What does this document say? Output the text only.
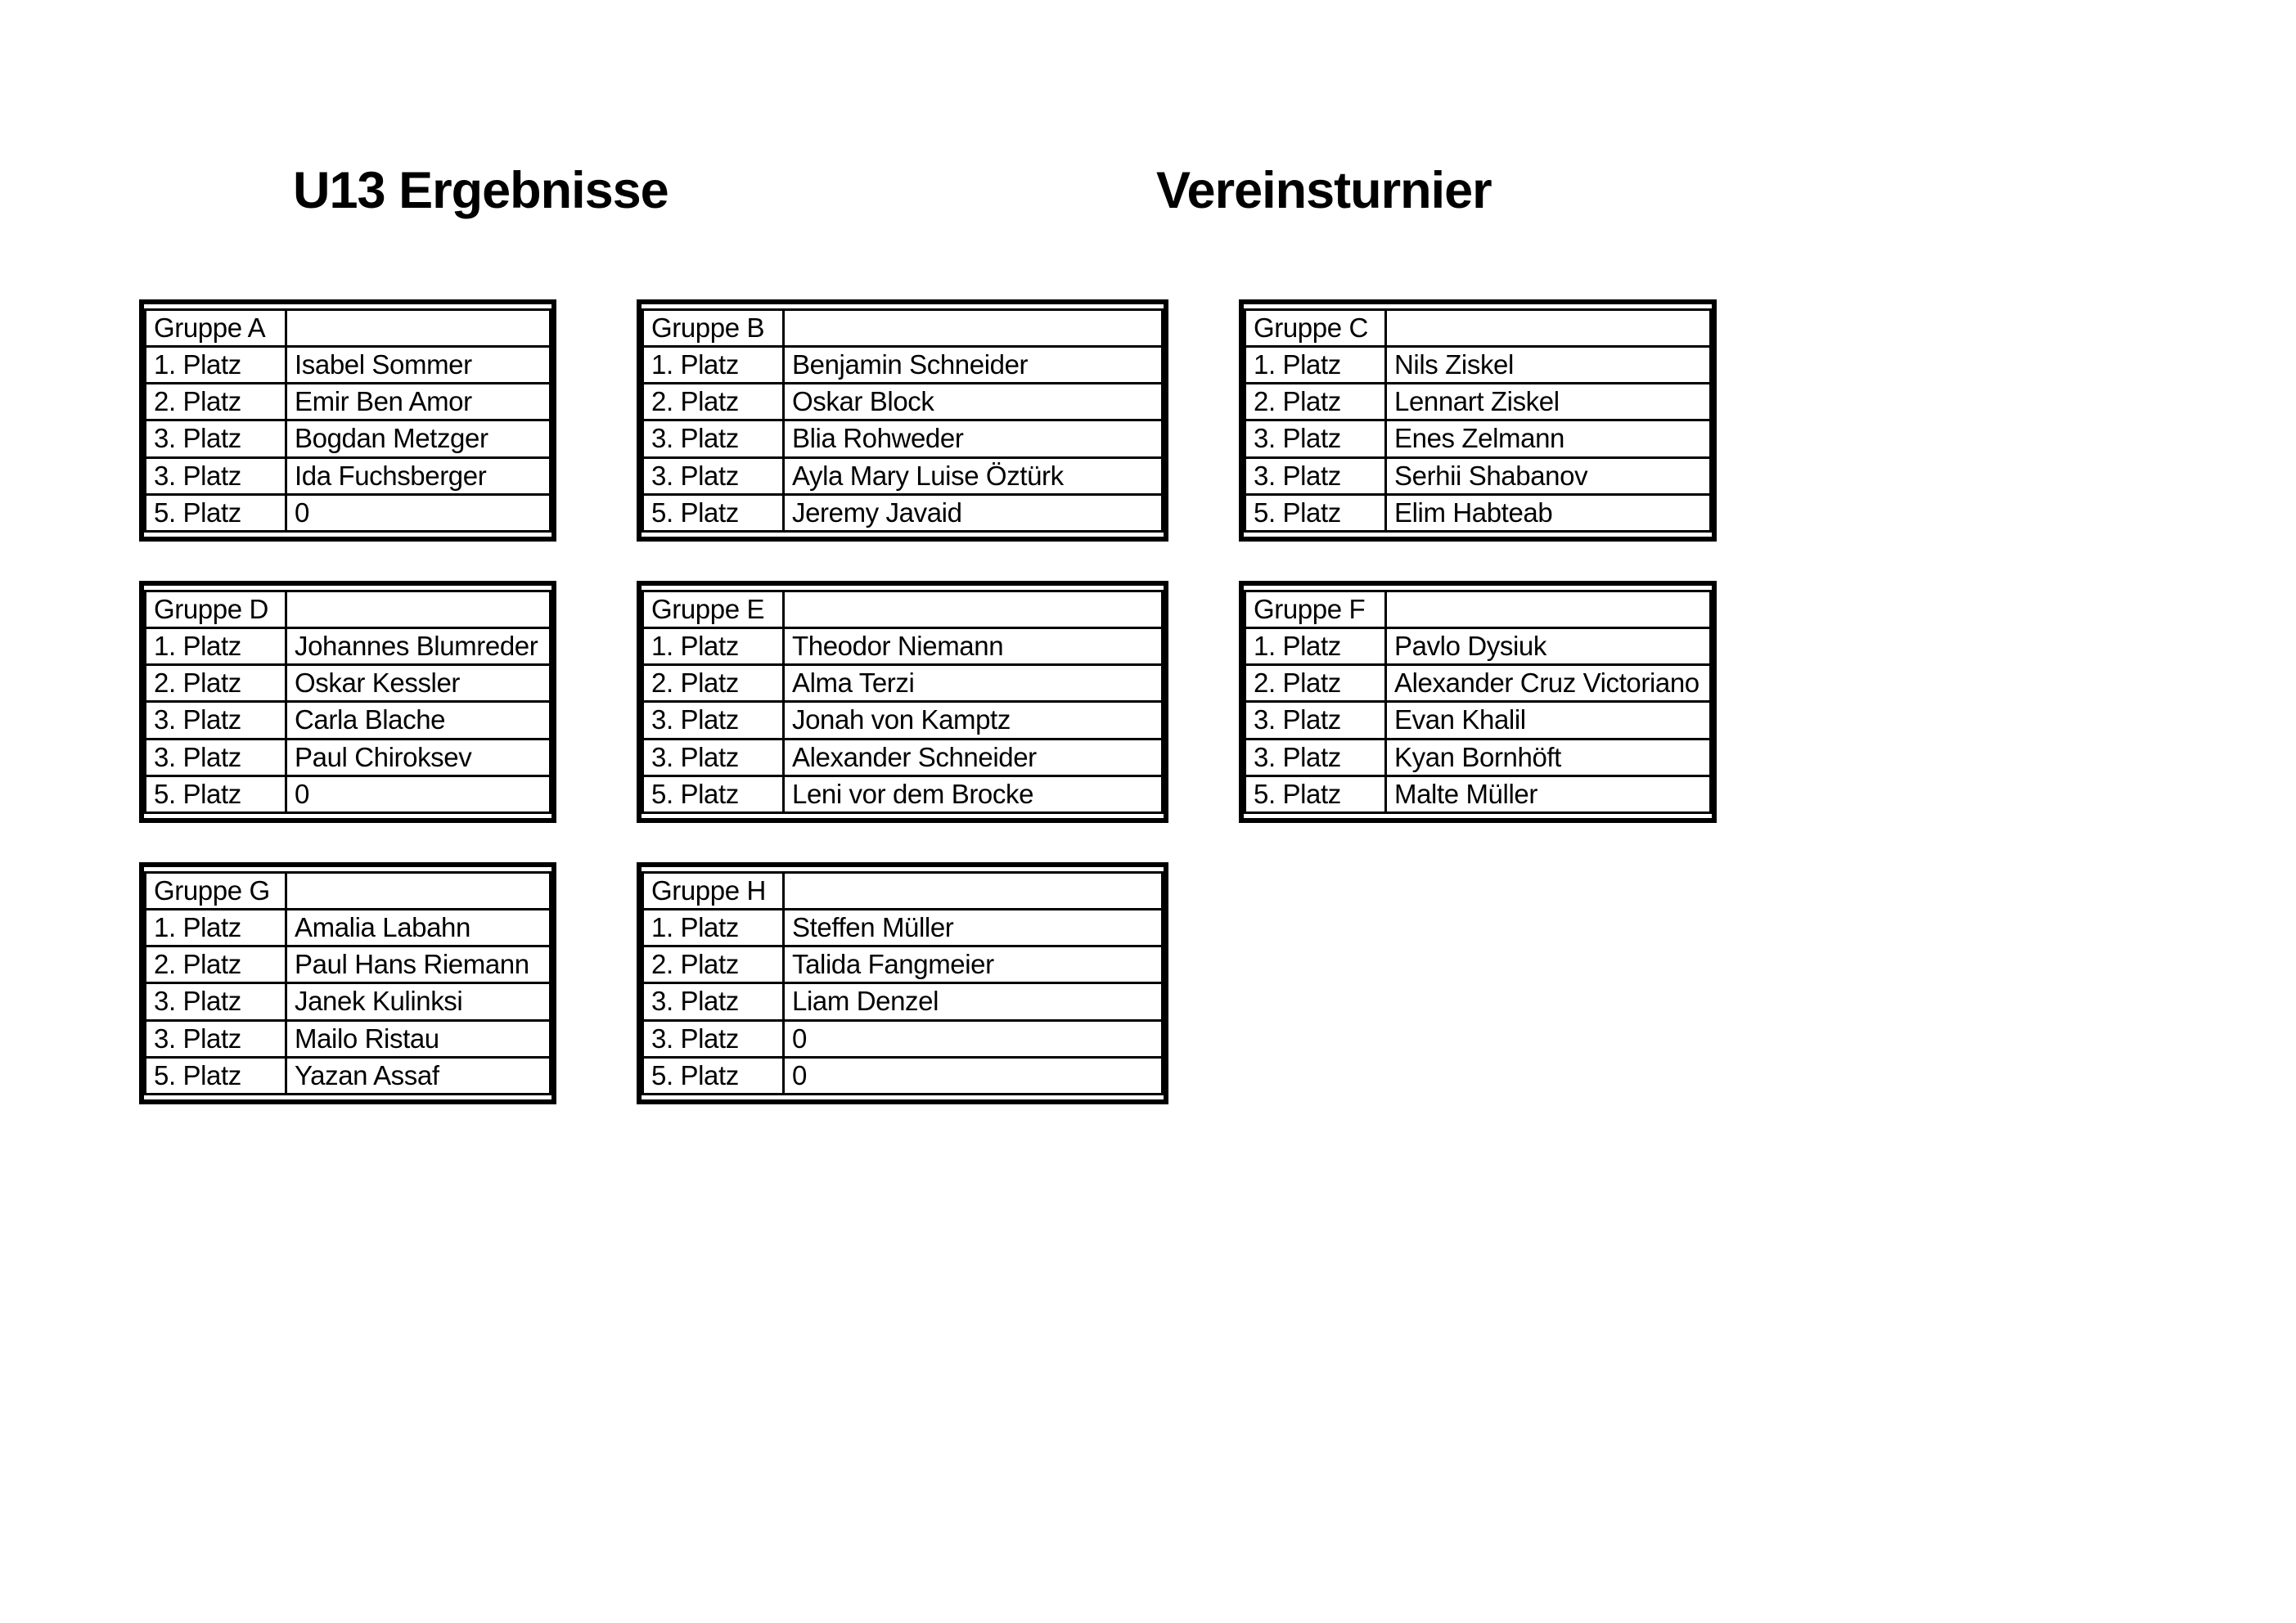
U13 Ergebnisse	Vereinsturnier
Gruppe A	
1. Platz	Isabel Sommer
2. Platz	Emir Ben Amor
3. Platz	Bogdan Metzger
3. Platz	Ida Fuchsberger
5. Platz	0
Gruppe B	
1. Platz	Benjamin Schneider
2. Platz	Oskar Block
3. Platz	Blia Rohweder
3. Platz	Ayla Mary Luise Öztürk
5. Platz	Jeremy Javaid
Gruppe C	
1. Platz	Nils Ziskel
2. Platz	Lennart Ziskel
3. Platz	Enes Zelmann
3. Platz	Serhii Shabanov
5. Platz	Elim Habteab
Gruppe D	
1. Platz	Johannes Blumreder
2. Platz	Oskar Kessler
3. Platz	Carla Blache
3. Platz	Paul Chiroksev
5. Platz	0
Gruppe E	
1. Platz	Theodor Niemann
2. Platz	Alma Terzi
3. Platz	Jonah von Kamptz
3. Platz	Alexander Schneider
5. Platz	Leni vor dem Brocke
Gruppe F	
1. Platz	Pavlo Dysiuk
2. Platz	Alexander Cruz Victoriano
3. Platz	Evan Khalil
3. Platz	Kyan Bornhöft
5. Platz	Malte Müller
Gruppe G	
1. Platz	Amalia Labahn
2. Platz	Paul Hans Riemann
3. Platz	Janek Kulinksi
3. Platz	Mailo Ristau
5. Platz	Yazan Assaf
Gruppe H	
1. Platz	Steffen Müller
2. Platz	Talida Fangmeier
3. Platz	Liam Denzel
3. Platz	0
5. Platz	0
